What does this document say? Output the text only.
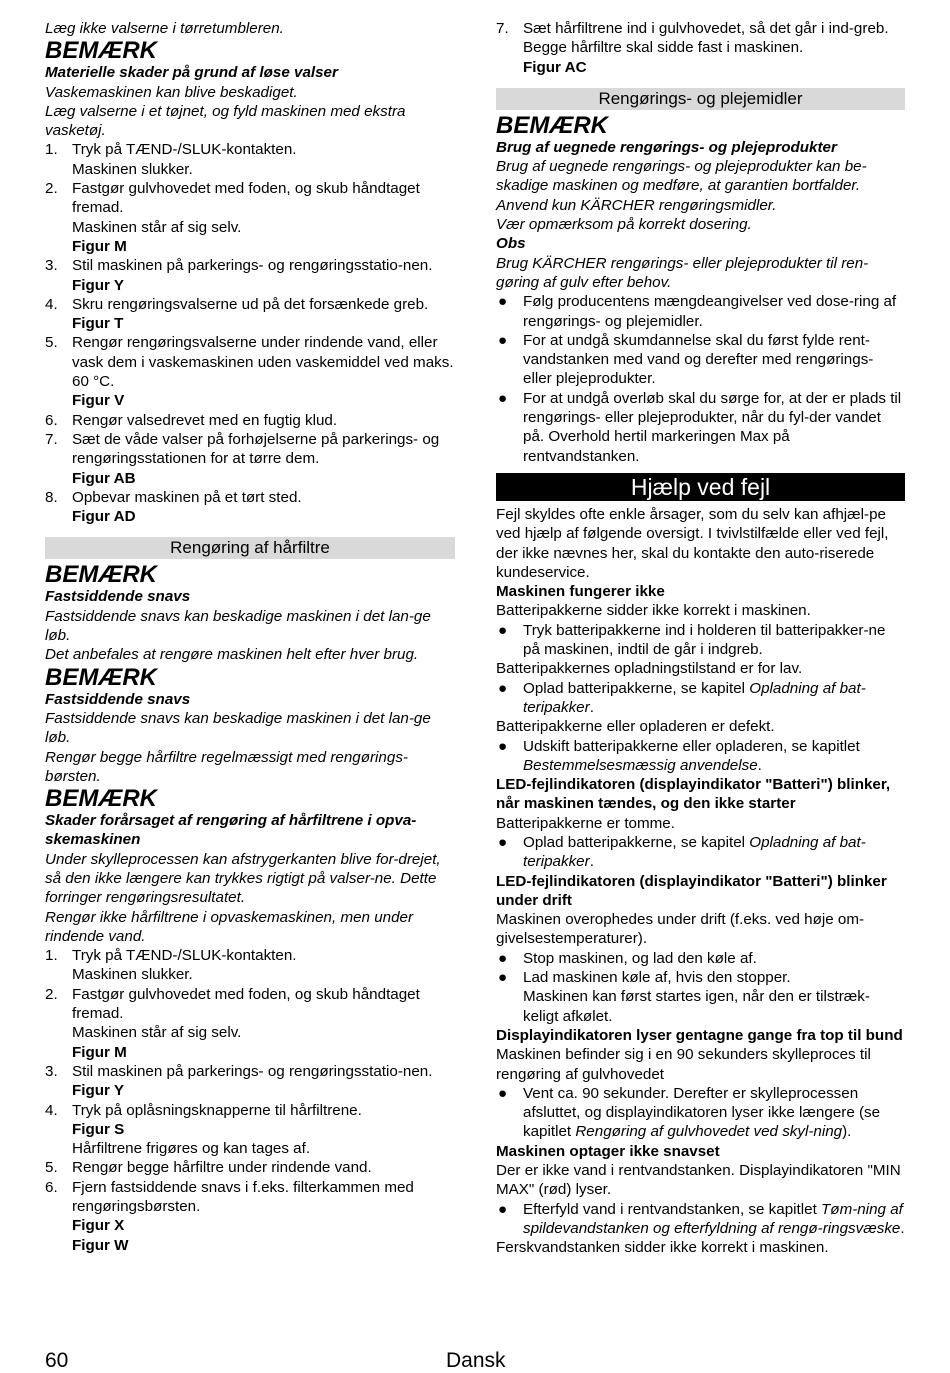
Læg ikke valserne i tørretumbleren.

BEMÆRK

Materielle skader på grund af løse valser

Vaskemaskinen kan blive beskadiget.

Læg valserne i et tøjnet, og fyld maskinen med ekstra vasketøj.

1. Tryk på TÆND-/SLUK-kontakten.
Maskinen slukker.
2. Fastgør gulvhovedet med foden, og skub håndtaget fremad.
Maskinen står af sig selv.
Figur M
3. Stil maskinen på parkerings- og rengøringsstatio-nen.
Figur Y
4. Skru rengøringsvalserne ud på det forsænkede greb.
Figur T
5. Rengør rengøringsvalserne under rindende vand, eller vask dem i vaskemaskinen uden vaskemiddel ved maks. 60 °C.
Figur V
6. Rengør valsedrevet med en fugtig klud.
7. Sæt de våde valser på forhøjelserne på parkerings- og rengøringsstationen for at tørre dem.
Figur AB
8. Opbevar maskinen på et tørt sted.
Figur AD
Rengøring af hårfiltre
BEMÆRK

Fastsiddende snavs

Fastsiddende snavs kan beskadige maskinen i det lan-ge løb.

Det anbefales at rengøre maskinen helt efter hver brug.

BEMÆRK

Fastsiddende snavs

Fastsiddende snavs kan beskadige maskinen i det lan-ge løb.

Rengør begge hårfiltre regelmæssigt med rengørings-børsten.

BEMÆRK

Skader forårsaget af rengøring af hårfiltrene i opva-skemaskinen

Under skylleprocessen kan afstrygerkanten blive for-drejet, så den ikke længere kan trykkes rigtigt på valser-ne. Dette forringer rengøringsresultatet.

Rengør ikke hårfiltrene i opvaskemaskinen, men under rindende vand.

1. Tryk på TÆND-/SLUK-kontakten.
Maskinen slukker.
2. Fastgør gulvhovedet med foden, og skub håndtaget fremad.
Maskinen står af sig selv.
Figur M
3. Stil maskinen på parkerings- og rengøringsstatio-nen.
Figur Y
4. Tryk på oplåsningsknapperne til hårfiltrene.
Figur S
Hårfiltrene frigøres og kan tages af.
5. Rengør begge hårfiltre under rindende vand.
6. Fjern fastsiddende snavs i f.eks. filterkammen med rengøringsbørsten.
Figur X
Figur W
7. Sæt hårfiltrene ind i gulvhovedet, så det går i ind-greb. Begge hårfiltre skal sidde fast i maskinen.
Figur AC
Rengørings- og plejemidler
BEMÆRK

Brug af uegnede rengørings- og plejeprodukter

Brug af uegnede rengørings- og plejeprodukter kan be-skadige maskinen og medføre, at garantien bortfalder.

Anvend kun KÄRCHER rengøringsmidler.

Vær opmærksom på korrekt dosering.

Obs

Brug KÄRCHER rengørings- eller plejeprodukter til ren-gøring af gulv efter behov.

● Følg producentens mængdeangivelser ved dose-ring af rengørings- og plejemidler.
● For at undgå skumdannelse skal du først fylde rent-vandstanken med vand og derefter med rengørings- eller plejeprodukter.
● For at undgå overløb skal du sørge for, at der er plads til rengørings- eller plejeprodukter, når du fyl-der vandet på. Overhold hertil markeringen Max på rentvandstanken.
Hjælp ved fejl

Fejl skyldes ofte enkle årsager, som du selv kan afhjæl-pe ved hjælp af følgende oversigt. I tvivlstilfælde eller ved fejl, der ikke nævnes her, skal du kontakte den auto-riserede kundeservice.

Maskinen fungerer ikke

Batteripakkerne sidder ikke korrekt i maskinen.

● Tryk batteripakkerne ind i holderen til batteripakker-ne på maskinen, indtil de går i indgreb.

Batteripakkernes opladningstilstand er for lav.

● Oplad batteripakkerne, se kapitel Opladning af bat-teripakker.

Batteripakkerne eller opladeren er defekt.

● Udskift batteripakkerne eller opladeren, se kapitlet Bestemmelsesmæssig anvendelse.

LED-fejlindikatoren (displayindikator "Batteri") blinker, når maskinen tændes, og den ikke starter

Batteripakkerne er tomme.

● Oplad batteripakkerne, se kapitel Opladning af bat-teripakker.

LED-fejlindikatoren (displayindikator "Batteri") blinker under drift

Maskinen overophedes under drift (f.eks. ved høje om-givelsestemperaturer).

● Stop maskinen, og lad den køle af.
● Lad maskinen køle af, hvis den stopper.
Maskinen kan først startes igen, når den er tilstræk-keligt afkølet.

Displayindikatoren lyser gentagne gange fra top til bund

Maskinen befinder sig i en 90 sekunders skylleproces til rengøring af gulvhovedet

● Vent ca. 90 sekunder. Derefter er skylleprocessen afsluttet, og displayindikatoren lyser ikke længere (se kapitlet Rengøring af gulvhovedet ved skyl-ning).

Maskinen optager ikke snavset

Der er ikke vand i rentvandstanken. Displayindikatoren "MIN MAX" (rød) lyser.

● Efterfyld vand i rentvandstanken, se kapitlet Tøm-ning af spildevandstanken og efterfyldning af rengø-ringsvæske.

Ferskvandstanken sidder ikke korrekt i maskinen.

60	Dansk
